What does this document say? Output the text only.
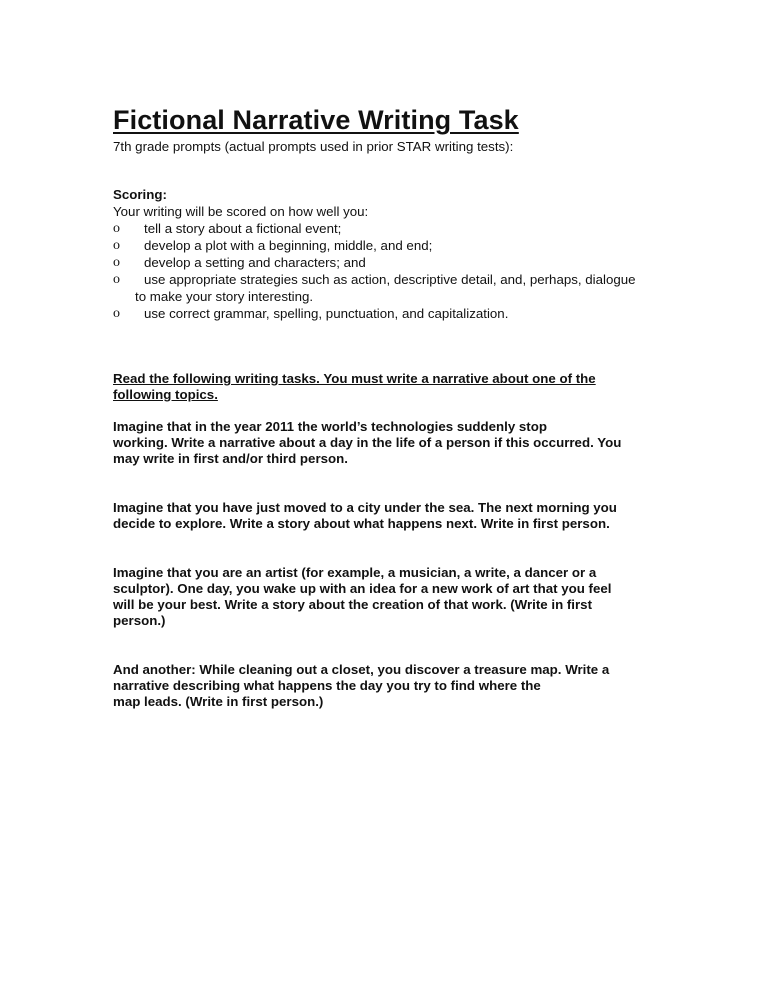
Fictional Narrative Writing Task
7th grade prompts (actual prompts used in prior STAR writing tests):
Scoring:
Your writing will be scored on how well you:
o tell a story about a fictional event;
o develop a plot with a beginning, middle, and end;
o develop a setting and characters; and
o use appropriate strategies such as action, descriptive detail, and, perhaps, dialogue
to make your story interesting.
o use correct grammar, spelling, punctuation, and capitalization.
Read the following writing tasks. You must write a narrative about one of the following topics.
Imagine that in the year 2011 the world’s technologies suddenly stop
working. Write a narrative about a day in the life of a person if this occurred. You
may write in first and/or third person.
Imagine that you have just moved to a city under the sea. The next morning you
decide to explore. Write a story about what happens next. Write in first person.
Imagine that you are an artist (for example, a musician, a write, a dancer or a
sculptor). One day, you wake up with an idea for a new work of art that you feel
will be your best. Write a story about the creation of that work. (Write in first
person.)
And another: While cleaning out a closet, you discover a treasure map. Write a
narrative describing what happens the day you try to find where the
map leads. (Write in first person.)
